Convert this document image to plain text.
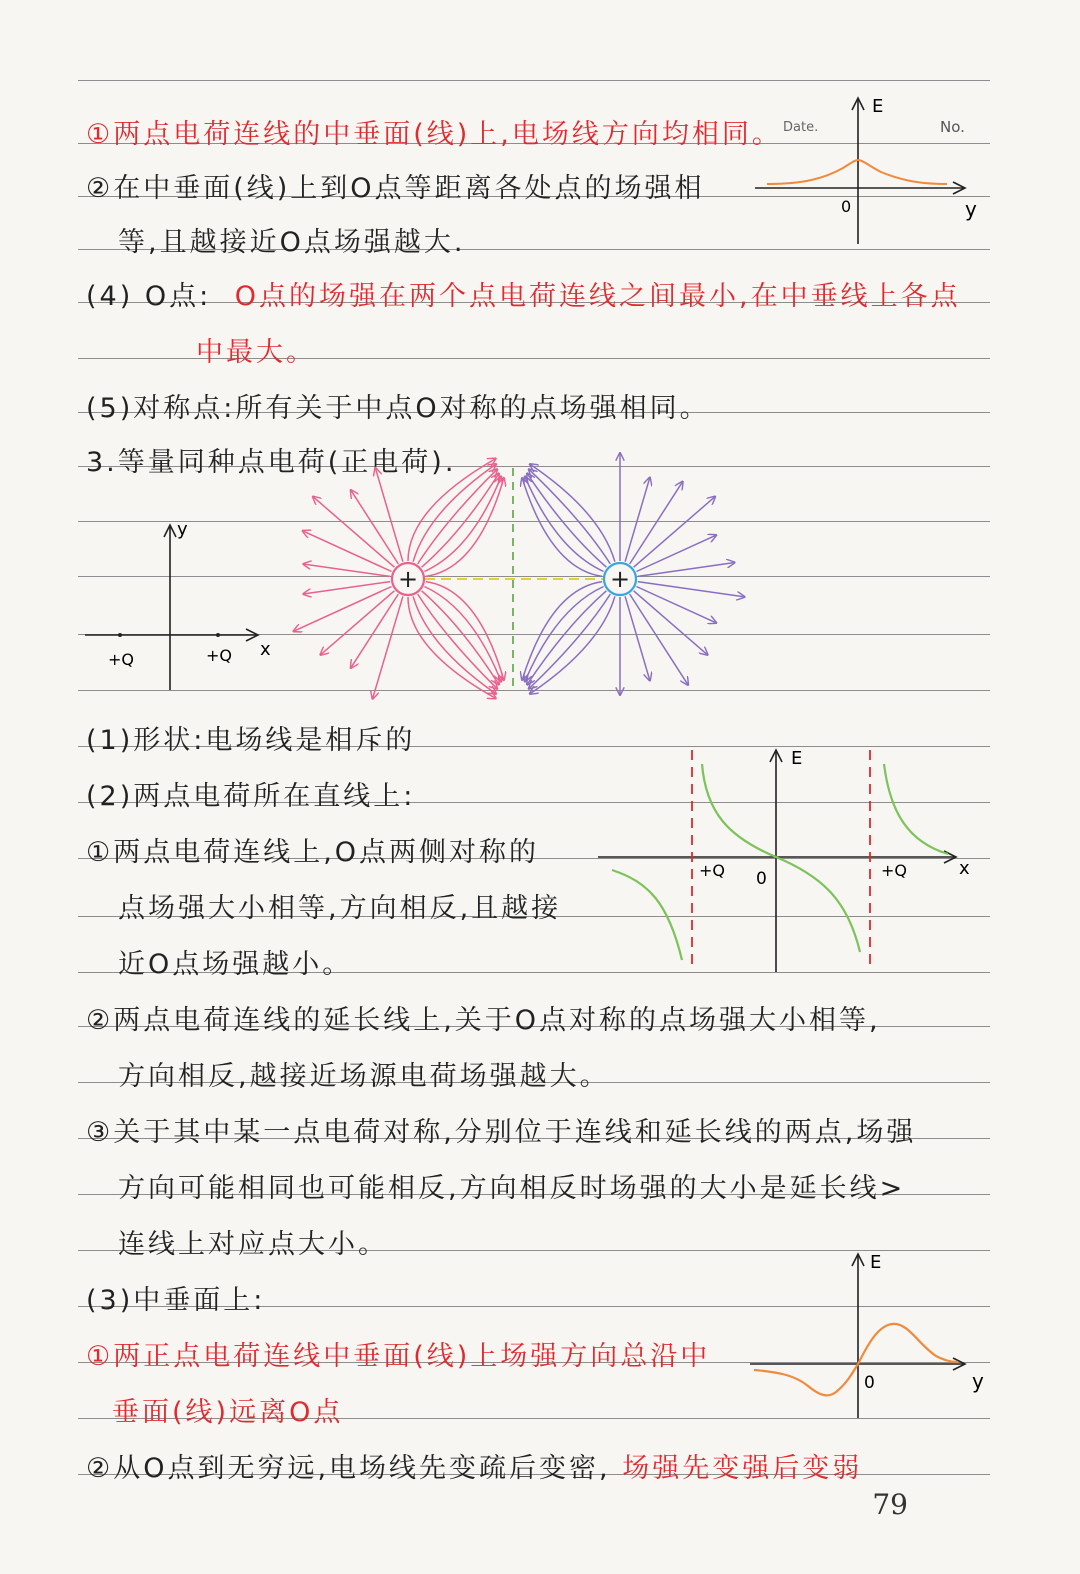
①两点电荷连线的中垂面(线)上,电场线方向均相同。
②在中垂面(线)上到O点等距离各处点的场强相
等,且越接近O点场强越大.
(4) O点: O点的场强在两个点电荷连线之间最小,在中垂线上各点
中最大。
(5)对称点:所有关于中点O对称的点场强相同。
3.等量同种点电荷(正电荷).
(1)形状:电场线是相斥的
(2)两点电荷所在直线上:
①两点电荷连线上,O点两侧对称的
点场强大小相等,方向相反,且越接
近O点场强越小。
②两点电荷连线的延长线上,关于O点对称的点场强大小相等,
方向相反,越接近场源电荷场强越大。
③关于其中某一点电荷对称,分别位于连线和延长线的两点,场强
方向可能相同也可能相反,方向相反时场强的大小是延长线>
连线上对应点大小。
(3)中垂面上:
①两正点电荷连线中垂面(线)上场强方向总沿中
垂面(线)远离O点
②从O点到无穷远,电场线先变疏后变密, 场强先变强后变弱
Date.	No.
E
0	y
y
x
+Q	+Q
+	+
E
0
+Q	+Q	x
E
0	y
79
